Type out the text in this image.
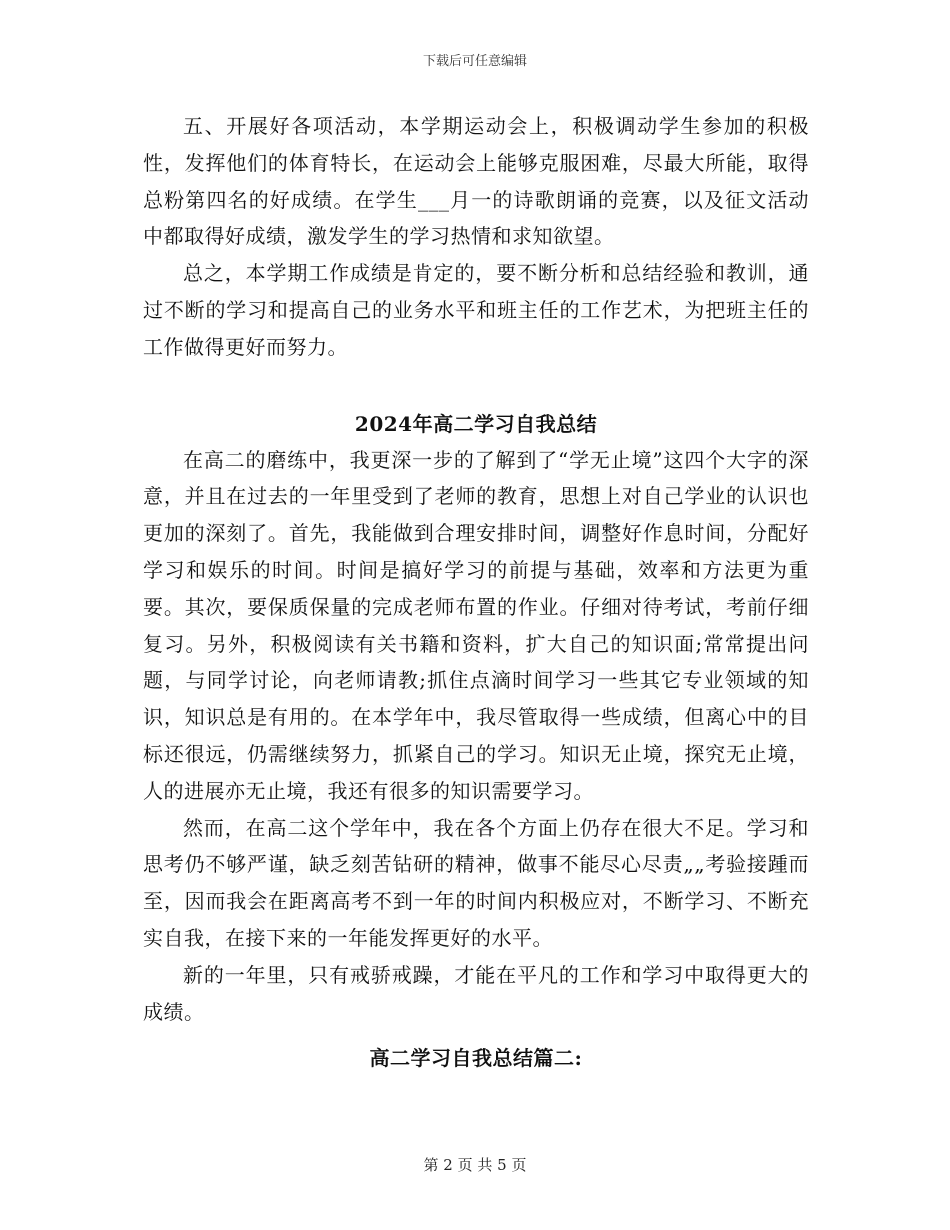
下载后可任意编辑

五、开展好各项活动，本学期运动会上，积极调动学生参加的积极性，发挥他们的体育特长，在运动会上能够克服困难，尽最大所能，取得总粉第四名的好成绩。在学生___月一的诗歌朗诵的竞赛，以及征文活动中都取得好成绩，激发学生的学习热情和求知欲望。

总之，本学期工作成绩是肯定的，要不断分析和总结经验和教训，通过不断的学习和提高自己的业务水平和班主任的工作艺术，为把班主任的工作做得更好而努力。

2024年高二学习自我总结

在高二的磨练中，我更深一步的了解到了“学无止境”这四个大字的深意，并且在过去的一年里受到了老师的教育，思想上对自己学业的认识也更加的深刻了。首先，我能做到合理安排时间，调整好作息时间，分配好学习和娱乐的时间。时间是搞好学习的前提与基础，效率和方法更为重要。其次，要保质保量的完成老师布置的作业。仔细对待考试，考前仔细复习。另外，积极阅读有关书籍和资料，扩大自己的知识面;常常提出问题，与同学讨论，向老师请教;抓住点滴时间学习一些其它专业领域的知识，知识总是有用的。在本学年中，我尽管取得一些成绩，但离心中的目标还很远，仍需继续努力，抓紧自己的学习。知识无止境，探究无止境，人的进展亦无止境，我还有很多的知识需要学习。

然而，在高二这个学年中，我在各个方面上仍存在很大不足。学习和思考仍不够严谨，缺乏刻苦钻研的精神，做事不能尽心尽责„„考验接踵而至，因而我会在距离高考不到一年的时间内积极应对，不断学习、不断充实自我，在接下来的一年能发挥更好的水平。

新的一年里，只有戒骄戒躁，才能在平凡的工作和学习中取得更大的成绩。

高二学习自我总结篇二:
第 2 页 共 5 页
